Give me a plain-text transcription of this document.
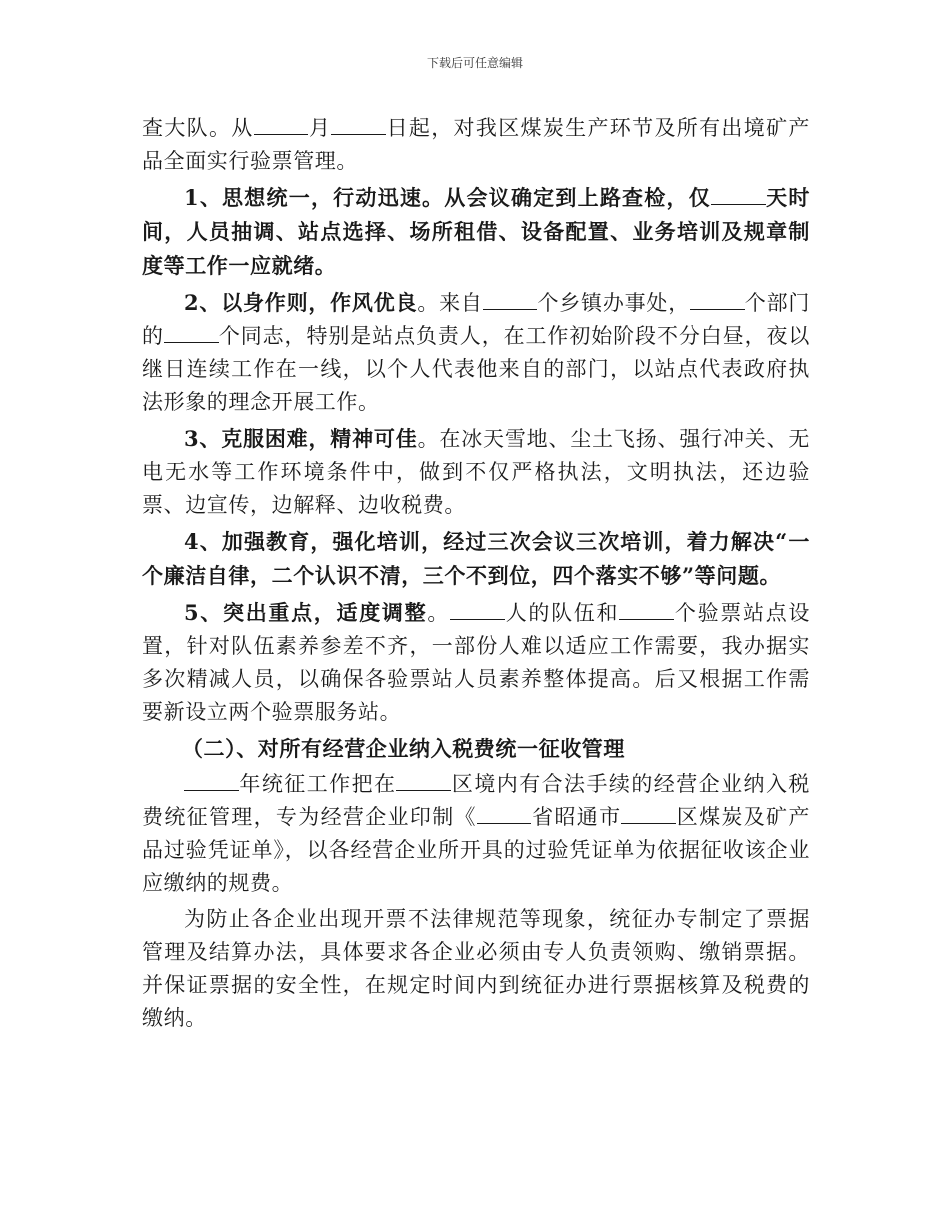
下载后可任意编辑

查大队。从	月	日起，对我区煤炭生产环节及所有出境矿产品全面实行验票管理。

1、思想统一，行动迅速。从会议确定到上路查检，仅	天时间，人员抽调、站点选择、场所租借、设备配置、业务培训及规章制度等工作一应就绪。

2、以身作则，作风优良。来自	个乡镇办事处，	个部门的	个同志，特别是站点负责人，在工作初始阶段不分白昼，夜以继日连续工作在一线，以个人代表他来自的部门，以站点代表政府执法形象的理念开展工作。

3、克服困难，精神可佳。在冰天雪地、尘土飞扬、强行冲关、无电无水等工作环境条件中，做到不仅严格执法，文明执法，还边验票、边宣传，边解释、边收税费。

4、加强教育，强化培训，经过三次会议三次培训，着力解决“一个廉洁自律，二个认识不清，三个不到位，四个落实不够”等问题。

5、突出重点，适度调整。	人的队伍和	个验票站点设置，针对队伍素养参差不齐，一部份人难以适应工作需要，我办据实多次精减人员，以确保各验票站人员素养整体提高。后又根据工作需要新设立两个验票服务站。

（二）、对所有经营企业纳入税费统一征收管理

年统征工作把在	区境内有合法手续的经营企业纳入税费统征管理，专为经营企业印制《	省昭通市	区煤炭及矿产品过验凭证单》，以各经营企业所开具的过验凭证单为依据征收该企业应缴纳的规费。

为防止各企业出现开票不法律规范等现象，统征办专制定了票据管理及结算办法，具体要求各企业必须由专人负责领购、缴销票据。并保证票据的安全性，在规定时间内到统征办进行票据核算及税费的缴纳。
